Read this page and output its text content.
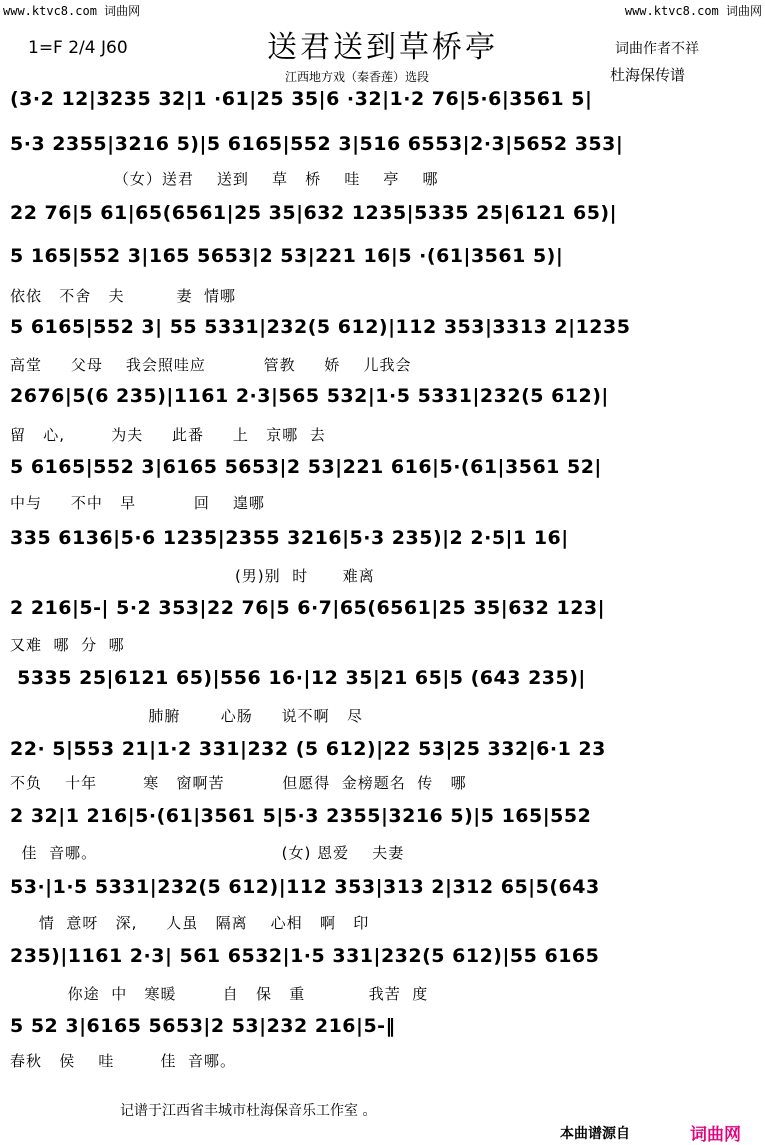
www.ktvc8.com 词曲网	www.ktvc8.com 词曲网
送君送到草桥亭
1=F 2/4 J60
江西地方戏（秦香莲）选段
词曲作者不祥
杜海保传谱
(3·2 12|3235 32|1 ·61|25 35|6 ·32|1·2 76|5·6|3561 5|
5·3 2355|3216 5)|5 6165|552 3|516 6553|2·3|5652 353|
（女）送君    送到    草   桥    哇    亭    哪
22 76|5 61|65(6561|25 35|632 1235|5335 25|6121 65)|
5 165|552 3|165 5653|2 53|221 16|5 ·(61|3561 5)|
依依   不舍   夫         妻  情哪
5 6165|552 3| 55 5331|232(5 612)|112 353|3313 2|1235
高堂     父母    我会照哇应          管教     娇    儿我会
2676|5(6 235)|1161 2·3|565 532|1·5 5331|232(5 612)|
留   心,        为夫     此番     上   京哪  去
5 6165|552 3|6165 5653|2 53|221 616|5·(61|3561 52|
中与     不中   早          回    遑哪
335 6136|5·6 1235|2355 3216|5·3 235)|2 2·5|1 16|
(男)别  时      难离
2 216|5-| 5·2 353|22 76|5 6·7|65(6561|25 35|632 123|
又难  哪  分  哪
5335 25|6121 65)|556 16·|12 35|21 65|5 (643 235)|
肺腑       心肠     说不啊   尽
22· 5|553 21|1·2 331|232 (5 612)|22 53|25 332|6·1 23
不负    十年        寒   窗啊苦          但愿得  金榜题名  传   哪
2 32|1 216|5·(61|3561 5|5·3 2355|3216 5)|5 165|552
佳  音哪。                                (女) 恩爱    夫妻
53·|1·5 5331|232(5 612)|112 353|313 2|312 65|5(643
情  意呀   深,     人虽   隔离    心相   啊   印
235)|1161 2·3| 561 6532|1·5 331|232(5 612)|55 6165
你途  中   寒暖        自   保   重           我苦  度
5 52 3|6165 5653|2 53|232 216|5-‖
春秋   侯    哇        佳  音哪。
记谱于江西省丰城市杜海保音乐工作室 。
本曲谱源自	词曲网
